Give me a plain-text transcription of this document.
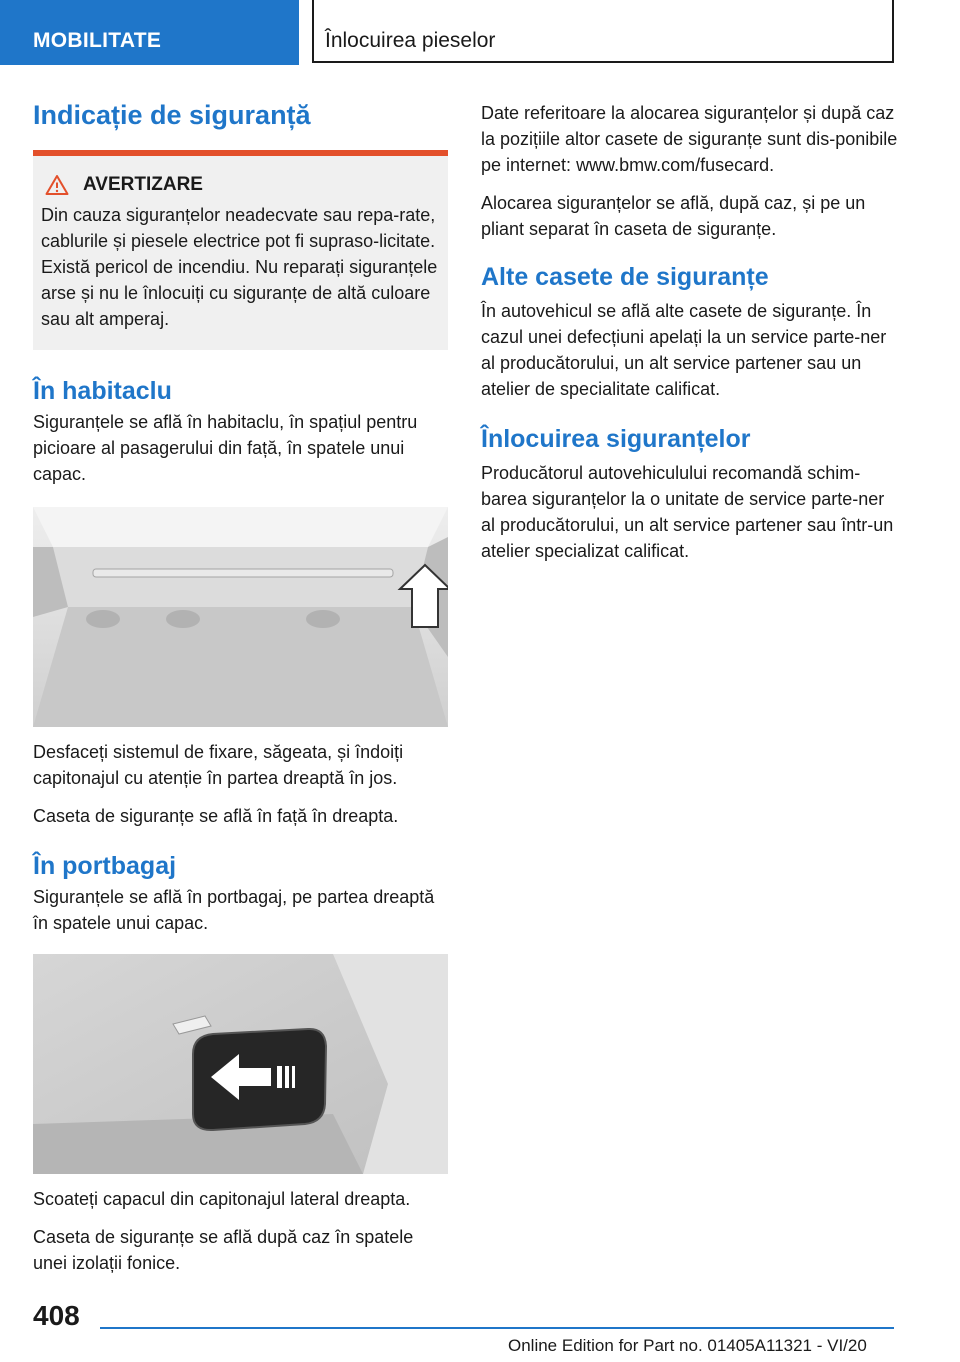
MOBILITATE	Înlocuirea pieselor
Indicație de siguranță
AVERTIZARE

Din cauza siguranțelor neadecvate sau repa-rate, cablurile și piesele electrice pot fi supraso-licitate. Există pericol de incendiu. Nu reparați siguranțele arse și nu le înlocuiți cu siguranțe de altă culoare sau alt amperaj.

În habitaclu

Siguranțele se află în habitaclu, în spațiul pentru picioare al pasagerului din față, în spatele unui capac.

Desfaceți sistemul de fixare, săgeata, și îndoiți capitonajul cu atenție în partea dreaptă în jos.

Caseta de siguranțe se află în față în dreapta.

În portbagaj

Siguranțele se află în portbagaj, pe partea dreaptă în spatele unui capac.

Scoateți capacul din capitonajul lateral dreapta.

Caseta de siguranțe se află după caz în spatele unei izolații fonice.

Date referitoare la alocarea siguranțelor și după caz la pozițiile altor casete de siguranțe sunt dis-ponibile pe internet: www.bmw.com/fusecard.

Alocarea siguranțelor se află, după caz, și pe un pliant separat în caseta de siguranțe.

Alte casete de siguranțe

În autovehicul se află alte casete de siguranțe. În cazul unei defecțiuni apelați la un service parte-ner al producătorului, un alt service partener sau un atelier de specialitate calificat.

Înlocuirea siguranțelor

Producătorul autovehiculului recomandă schim-barea siguranțelor la o unitate de service parte-ner al producătorului, un alt service partener sau într-un atelier specializat calificat.

408
Online Edition for Part no. 01405A11321 - VI/20
